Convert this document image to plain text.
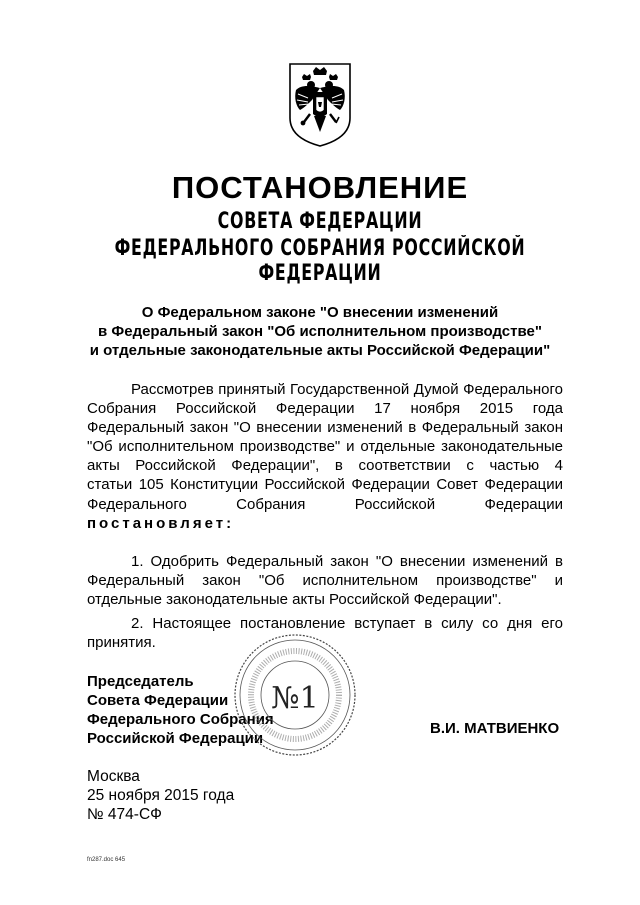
ПОСТАНОВЛЕНИЕ
СОВЕТА ФЕДЕРАЦИИ
ФЕДЕРАЛЬНОГО СОБРАНИЯ РОССИЙСКОЙ ФЕДЕРАЦИИ
О Федеральном законе "О внесении изменений
в Федеральный закон "Об исполнительном производстве"
и отдельные законодательные акты Российской Федерации"
Рассмотрев принятый Государственной Думой Федерального
Собрания Российской Федерации 17 ноября 2015 года
Федеральный закон "О внесении изменений в Федеральный закон
"Об исполнительном производстве" и отдельные законодательные
акты Российской Федерации", в соответствии с частью 4
статьи 105 Конституции Российской Федерации Совет Федерации
Федерального Собрания Российской Федерации
постановляет:
1. Одобрить Федеральный закон "О внесении изменений в
Федеральный закон "Об исполнительном производстве" и
отдельные законодательные акты Российской Федерации".
2. Настоящее постановление вступает в силу со дня его
принятия.
Председатель
Совета Федерации
Федерального Собрания
Российской Федерации
№1
В.И. МАТВИЕНКО
Москва
25 ноября 2015 года
№ 474-СФ
fn287.doc 645
